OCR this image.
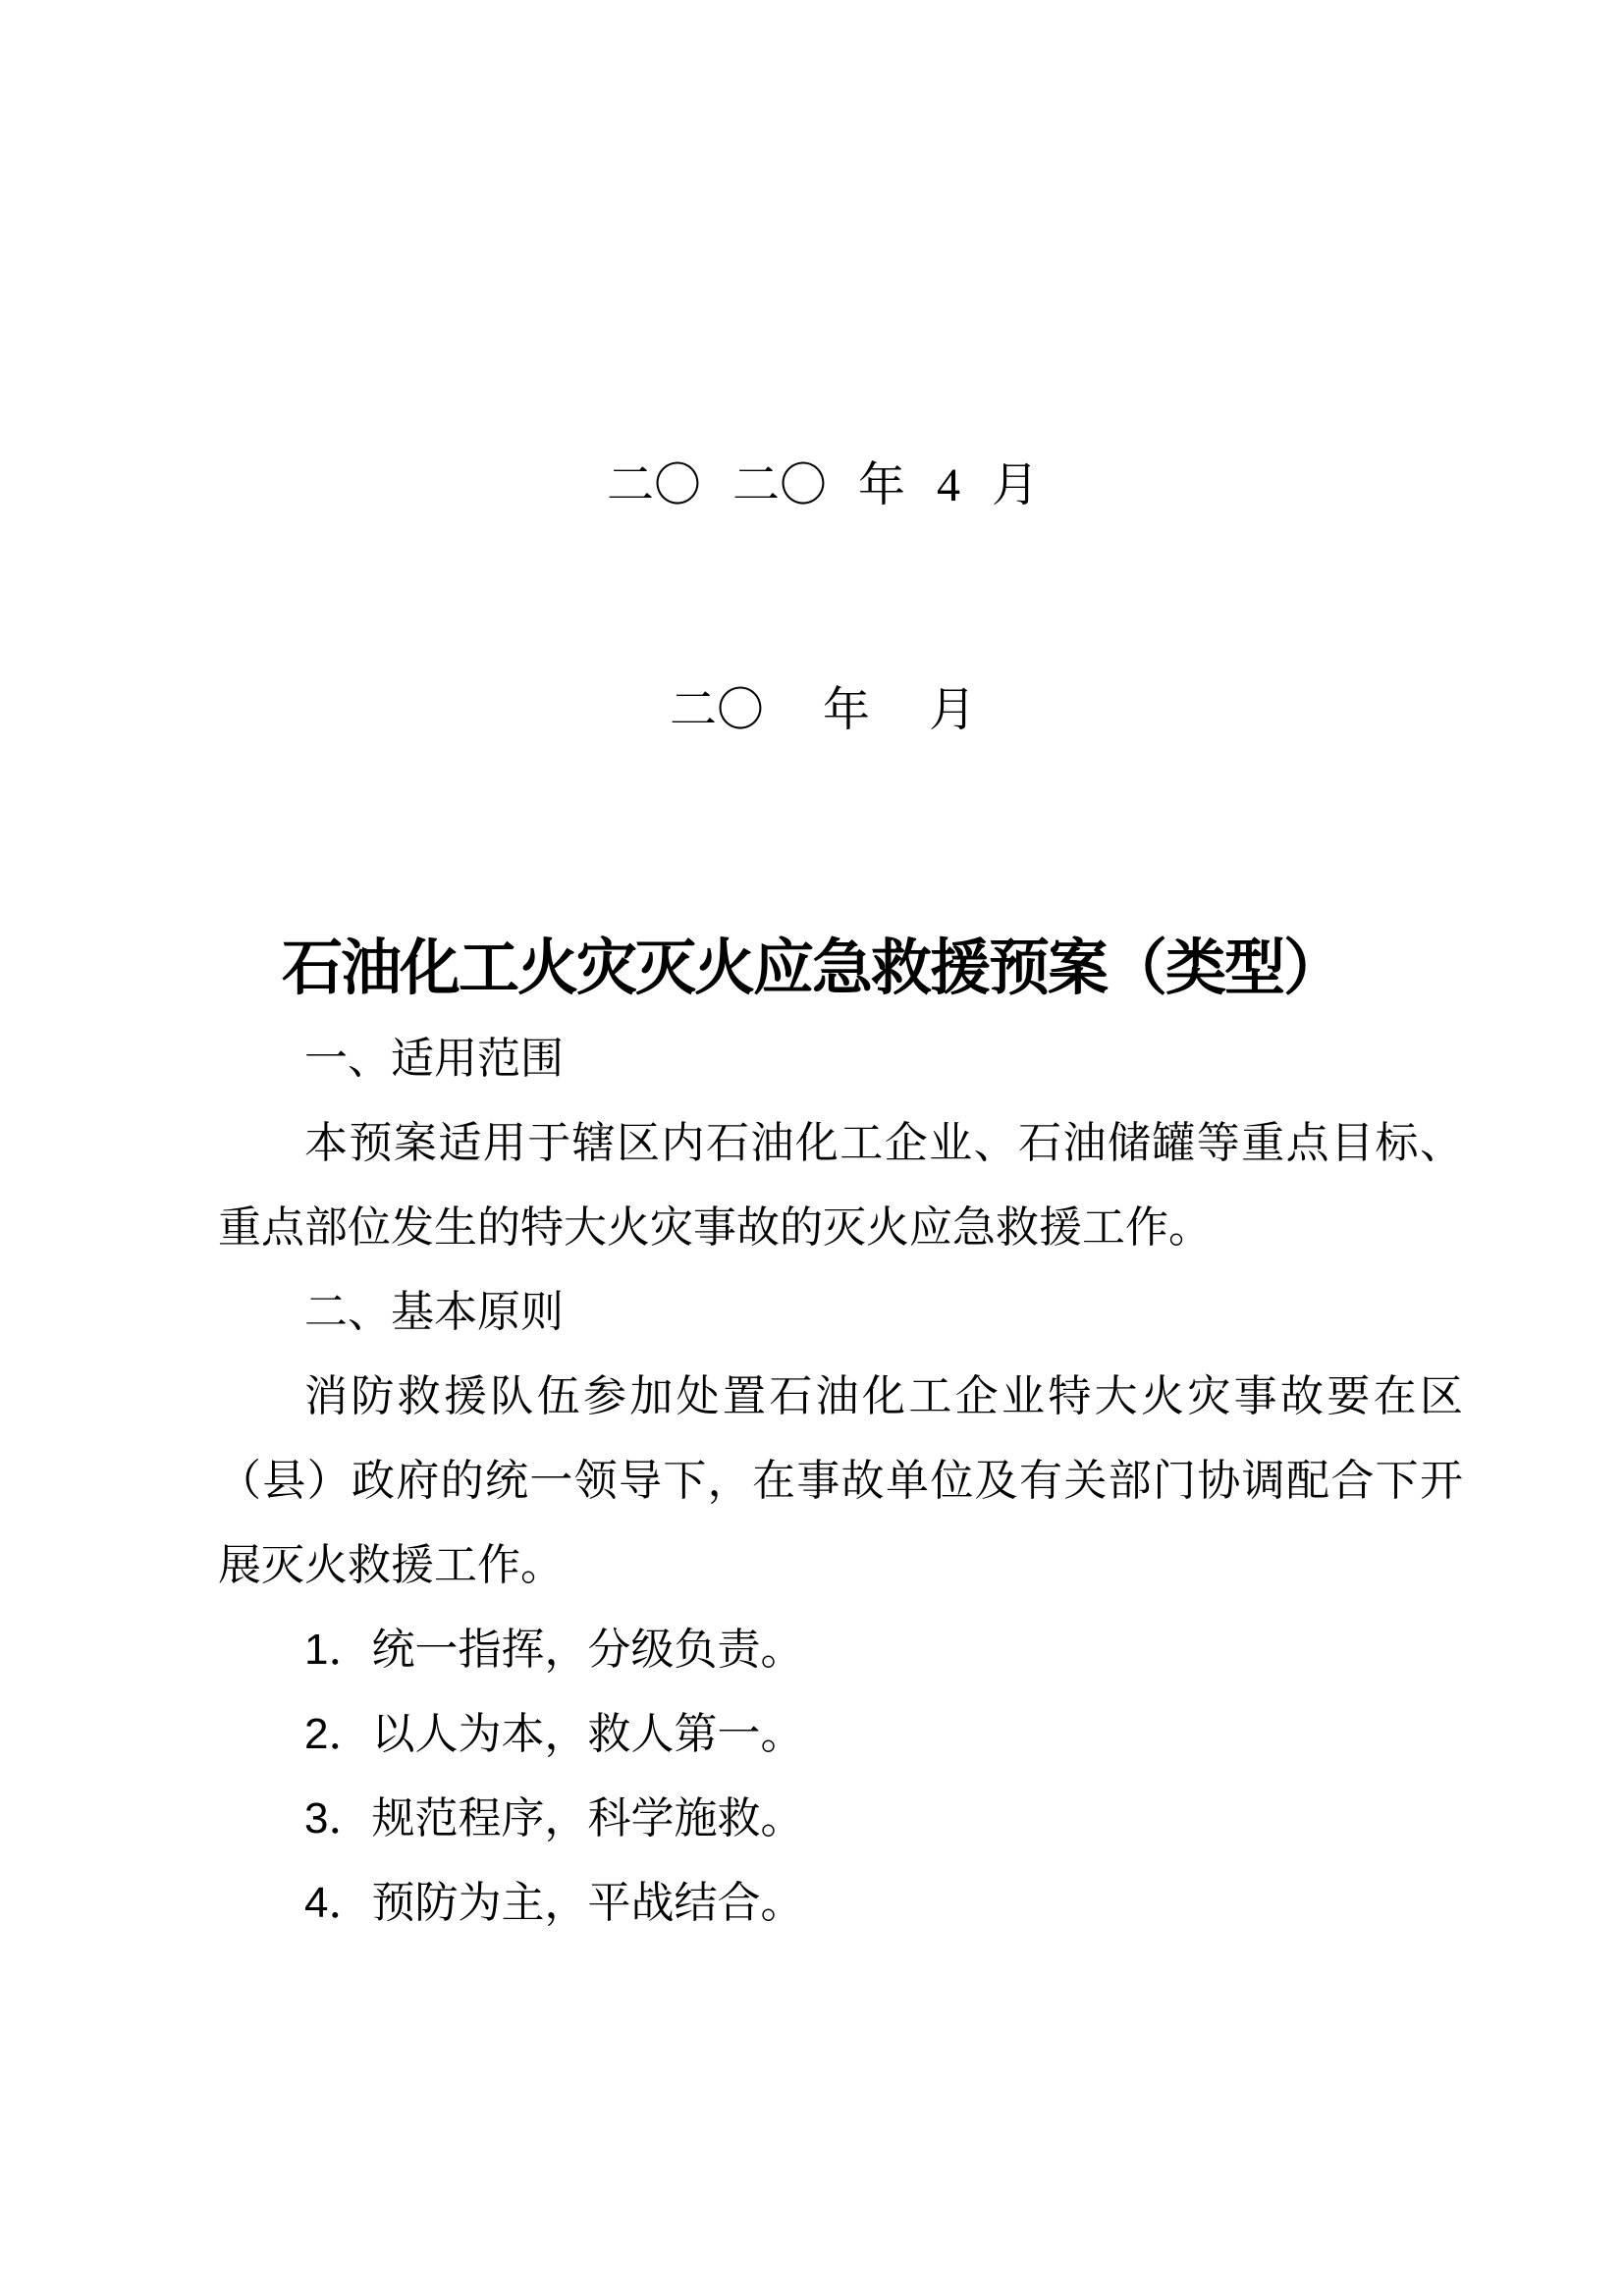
二〇 二〇 年 4 月
二〇　 年　 月
石油化工火灾灭火应急救援预案（类型）
一、适用范围
本预案适用于辖区内石油化工企业、石油储罐等重点目标、
重点部位发生的特大火灾事故的灭火应急救援工作。
二、基本原则
消防救援队伍参加处置石油化工企业特大火灾事故要在区
（县）政府的统一领导下，在事故单位及有关部门协调配合下开
展灭火救援工作。
1．统一指挥，分级负责。
2．以人为本，救人第一。
3．规范程序，科学施救。
4．预防为主，平战结合。
